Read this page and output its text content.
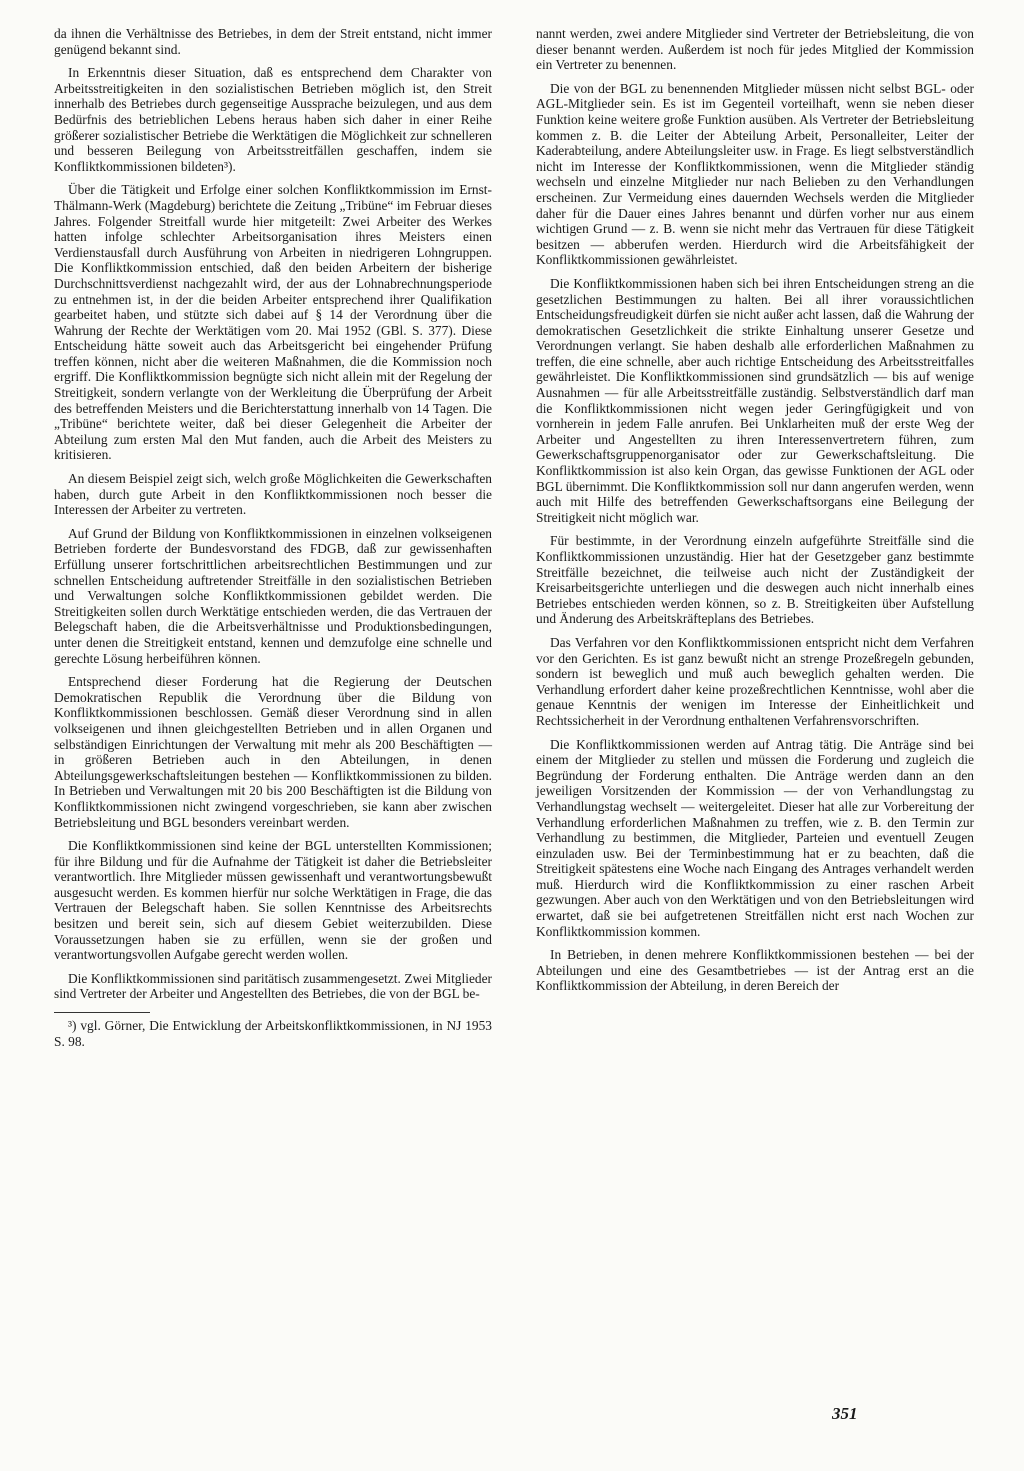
da ihnen die Verhältnisse des Betriebes, in dem der Streit entstand, nicht immer genügend bekannt sind.

In Erkenntnis dieser Situation, daß es entsprechend dem Charakter von Arbeitsstreitigkeiten in den sozialistischen Betrieben möglich ist, den Streit innerhalb des Betriebes durch gegenseitige Aussprache beizulegen, und aus dem Bedürfnis des betrieblichen Lebens heraus haben sich daher in einer Reihe größerer sozialistischer Betriebe die Werktätigen die Möglichkeit zur schnelleren und besseren Beilegung von Arbeitsstreitfällen geschaffen, indem sie Konfliktkommissionen bildeten³).

Über die Tätigkeit und Erfolge einer solchen Konfliktkommission im Ernst-Thälmann-Werk (Magdeburg) berichtete die Zeitung „Tribüne“ im Februar dieses Jahres. Folgender Streitfall wurde hier mitgeteilt: Zwei Arbeiter des Werkes hatten infolge schlechter Arbeitsorganisation ihres Meisters einen Verdienstausfall durch Ausführung von Arbeiten in niedrigeren Lohngruppen. Die Konfliktkommission entschied, daß den beiden Arbeitern der bisherige Durchschnittsverdienst nachgezahlt wird, der aus der Lohnabrechnungsperiode zu entnehmen ist, in der die beiden Arbeiter entsprechend ihrer Qualifikation gearbeitet haben, und stützte sich dabei auf § 14 der Verordnung über die Wahrung der Rechte der Werktätigen vom 20. Mai 1952 (GBl. S. 377). Diese Entscheidung hätte soweit auch das Arbeitsgericht bei eingehender Prüfung treffen können, nicht aber die weiteren Maßnahmen, die die Kommission noch ergriff. Die Konfliktkommission begnügte sich nicht allein mit der Regelung der Streitigkeit, sondern verlangte von der Werkleitung die Überprüfung der Arbeit des betreffenden Meisters und die Berichterstattung innerhalb von 14 Tagen. Die „Tribüne“ berichtete weiter, daß bei dieser Gelegenheit die Arbeiter der Abteilung zum ersten Mal den Mut fanden, auch die Arbeit des Meisters zu kritisieren.

An diesem Beispiel zeigt sich, welch große Möglichkeiten die Gewerkschaften haben, durch gute Arbeit in den Konfliktkommissionen noch besser die Interessen der Arbeiter zu vertreten.

Auf Grund der Bildung von Konfliktkommissionen in einzelnen volkseigenen Betrieben forderte der Bundesvorstand des FDGB, daß zur gewissenhaften Erfüllung unserer fortschrittlichen arbeitsrechtlichen Bestimmungen und zur schnellen Entscheidung auftretender Streitfälle in den sozialistischen Betrieben und Verwaltungen solche Konfliktkommissionen gebildet werden. Die Streitigkeiten sollen durch Werktätige entschieden werden, die das Vertrauen der Belegschaft haben, die die Arbeitsverhältnisse und Produktionsbedingungen, unter denen die Streitigkeit entstand, kennen und demzufolge eine schnelle und gerechte Lösung herbeiführen können.

Entsprechend dieser Forderung hat die Regierung der Deutschen Demokratischen Republik die Verordnung über die Bildung von Konfliktkommissionen beschlossen. Gemäß dieser Verordnung sind in allen volkseigenen und ihnen gleichgestellten Betrieben und in allen Organen und selbständigen Einrichtungen der Verwaltung mit mehr als 200 Beschäftigten — in größeren Betrieben auch in den Abteilungen, in denen Abteilungsgewerkschaftsleitungen bestehen — Konfliktkommissionen zu bilden. In Betrieben und Verwaltungen mit 20 bis 200 Beschäftigten ist die Bildung von Konfliktkommissionen nicht zwingend vorgeschrieben, sie kann aber zwischen Betriebsleitung und BGL besonders vereinbart werden.

Die Konfliktkommissionen sind keine der BGL unterstellten Kommissionen; für ihre Bildung und für die Aufnahme der Tätigkeit ist daher die Betriebsleiter verantwortlich. Ihre Mitglieder müssen gewissenhaft und verantwortungsbewußt ausgesucht werden. Es kommen hierfür nur solche Werktätigen in Frage, die das Vertrauen der Belegschaft haben. Sie sollen Kenntnisse des Arbeitsrechts besitzen und bereit sein, sich auf diesem Gebiet weiterzubilden. Diese Voraussetzungen haben sie zu erfüllen, wenn sie der großen und verantwortungsvollen Aufgabe gerecht werden wollen.

Die Konfliktkommissionen sind paritätisch zusammengesetzt. Zwei Mitglieder sind Vertreter der Arbeiter und Angestellten des Betriebes, die von der BGL be-

³) vgl. Görner, Die Entwicklung der Arbeitskonfliktkommissionen, in NJ 1953 S. 98.

nannt werden, zwei andere Mitglieder sind Vertreter der Betriebsleitung, die von dieser benannt werden. Außerdem ist noch für jedes Mitglied der Kommission ein Vertreter zu benennen.

Die von der BGL zu benennenden Mitglieder müssen nicht selbst BGL- oder AGL-Mitglieder sein. Es ist im Gegenteil vorteilhaft, wenn sie neben dieser Funktion keine weitere große Funktion ausüben. Als Vertreter der Betriebsleitung kommen z. B. die Leiter der Abteilung Arbeit, Personalleiter, Leiter der Kaderabteilung, andere Abteilungsleiter usw. in Frage. Es liegt selbstverständlich nicht im Interesse der Konfliktkommissionen, wenn die Mitglieder ständig wechseln und einzelne Mitglieder nur nach Belieben zu den Verhandlungen erscheinen. Zur Vermeidung eines dauernden Wechsels werden die Mitglieder daher für die Dauer eines Jahres benannt und dürfen vorher nur aus einem wichtigen Grund — z. B. wenn sie nicht mehr das Vertrauen für diese Tätigkeit besitzen — abberufen werden. Hierdurch wird die Arbeitsfähigkeit der Konfliktkommissionen gewährleistet.

Die Konfliktkommissionen haben sich bei ihren Entscheidungen streng an die gesetzlichen Bestimmungen zu halten. Bei all ihrer voraussichtlichen Entscheidungsfreudigkeit dürfen sie nicht außer acht lassen, daß die Wahrung der demokratischen Gesetzlichkeit die strikte Einhaltung unserer Gesetze und Verordnungen verlangt. Sie haben deshalb alle erforderlichen Maßnahmen zu treffen, die eine schnelle, aber auch richtige Entscheidung des Arbeitsstreitfalles gewährleistet. Die Konfliktkommissionen sind grundsätzlich — bis auf wenige Ausnahmen — für alle Arbeitsstreitfälle zuständig. Selbstverständlich darf man die Konfliktkommissionen nicht wegen jeder Geringfügigkeit und von vornherein in jedem Falle anrufen. Bei Unklarheiten muß der erste Weg der Arbeiter und Angestellten zu ihren Interessenvertretern führen, zum Gewerkschaftsgruppenorganisator oder zur Gewerkschaftsleitung. Die Konfliktkommission ist also kein Organ, das gewisse Funktionen der AGL oder BGL übernimmt. Die Konfliktkommission soll nur dann angerufen werden, wenn auch mit Hilfe des betreffenden Gewerkschaftsorgans eine Beilegung der Streitigkeit nicht möglich war.

Für bestimmte, in der Verordnung einzeln aufgeführte Streitfälle sind die Konfliktkommissionen unzuständig. Hier hat der Gesetzgeber ganz bestimmte Streitfälle bezeichnet, die teilweise auch nicht der Zuständigkeit der Kreisarbeitsgerichte unterliegen und die deswegen auch nicht innerhalb eines Betriebes entschieden werden können, so z. B. Streitigkeiten über Aufstellung und Änderung des Arbeitskräfteplans des Betriebes.

Das Verfahren vor den Konfliktkommissionen entspricht nicht dem Verfahren vor den Gerichten. Es ist ganz bewußt nicht an strenge Prozeßregeln gebunden, sondern ist beweglich und muß auch beweglich gehalten werden. Die Verhandlung erfordert daher keine prozeßrechtlichen Kenntnisse, wohl aber die genaue Kenntnis der wenigen im Interesse der Einheitlichkeit und Rechtssicherheit in der Verordnung enthaltenen Verfahrensvorschriften.

Die Konfliktkommissionen werden auf Antrag tätig. Die Anträge sind bei einem der Mitglieder zu stellen und müssen die Forderung und zugleich die Begründung der Forderung enthalten. Die Anträge werden dann an den jeweiligen Vorsitzenden der Kommission — der von Verhandlungstag zu Verhandlungstag wechselt — weitergeleitet. Dieser hat alle zur Vorbereitung der Verhandlung erforderlichen Maßnahmen zu treffen, wie z. B. den Termin zur Verhandlung zu bestimmen, die Mitglieder, Parteien und eventuell Zeugen einzuladen usw. Bei der Terminbestimmung hat er zu beachten, daß die Streitigkeit spätestens eine Woche nach Eingang des Antrages verhandelt werden muß. Hierdurch wird die Konfliktkommission zu einer raschen Arbeit gezwungen. Aber auch von den Werktätigen und von den Betriebsleitungen wird erwartet, daß sie bei aufgetretenen Streitfällen nicht erst nach Wochen zur Konfliktkommission kommen.

In Betrieben, in denen mehrere Konfliktkommissionen bestehen — bei der Abteilungen und eine des Gesamtbetriebes — ist der Antrag erst an die Konfliktkommission der Abteilung, in deren Bereich der

351
